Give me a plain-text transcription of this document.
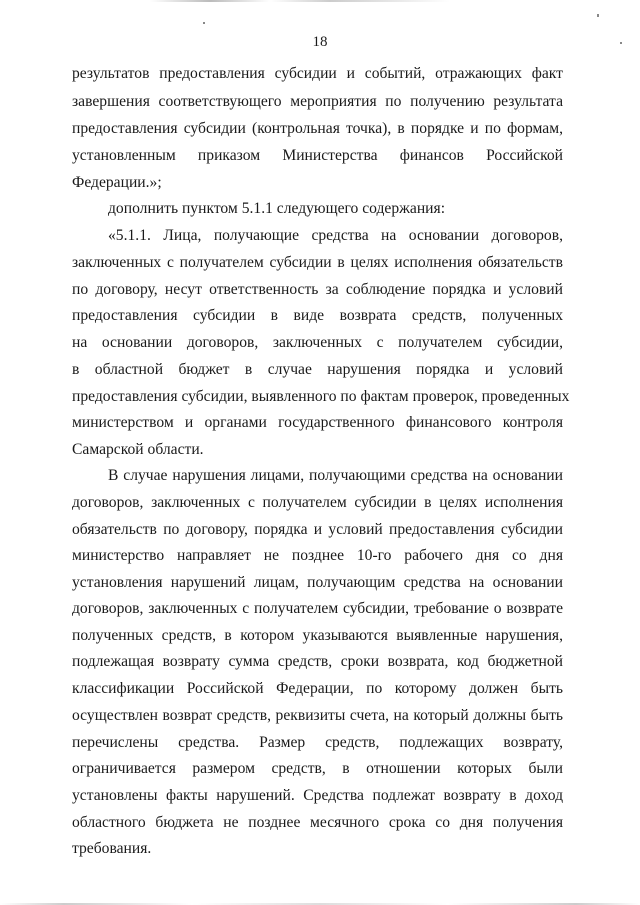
18
результатов предоставления субсидии и событий, отражающих факт
завершения соответствующего мероприятия по получению результата
предоставления субсидии (контрольная точка), в порядке и по формам,
установленным приказом Министерства финансов Российской
Федерации.»;
дополнить пунктом 5.1.1 следующего содержания:
«5.1.1. Лица, получающие средства на основании договоров,
заключенных с получателем субсидии в целях исполнения обязательств
по договору, несут ответственность за соблюдение порядка и условий
предоставления субсидии в виде возврата средств, полученных
на основании договоров, заключенных с получателем субсидии,
в областной бюджет в случае нарушения порядка и условий
предоставления субсидии, выявленного по фактам проверок, проведенных
министерством и органами государственного финансового контроля
Самарской области.
В случае нарушения лицами, получающими средства на основании
договоров, заключенных с получателем субсидии в целях исполнения
обязательств по договору, порядка и условий предоставления субсидии
министерство направляет не позднее 10-го рабочего дня со дня
установления нарушений лицам, получающим средства на основании
договоров, заключенных с получателем субсидии, требование о возврате
полученных средств, в котором указываются выявленные нарушения,
подлежащая возврату сумма средств, сроки возврата, код бюджетной
классификации Российской Федерации, по которому должен быть
осуществлен возврат средств, реквизиты счета, на который должны быть
перечислены средства. Размер средств, подлежащих возврату,
ограничивается размером средств, в отношении которых были
установлены факты нарушений. Средства подлежат возврату в доход
областного бюджета не позднее месячного срока со дня получения
требования.
